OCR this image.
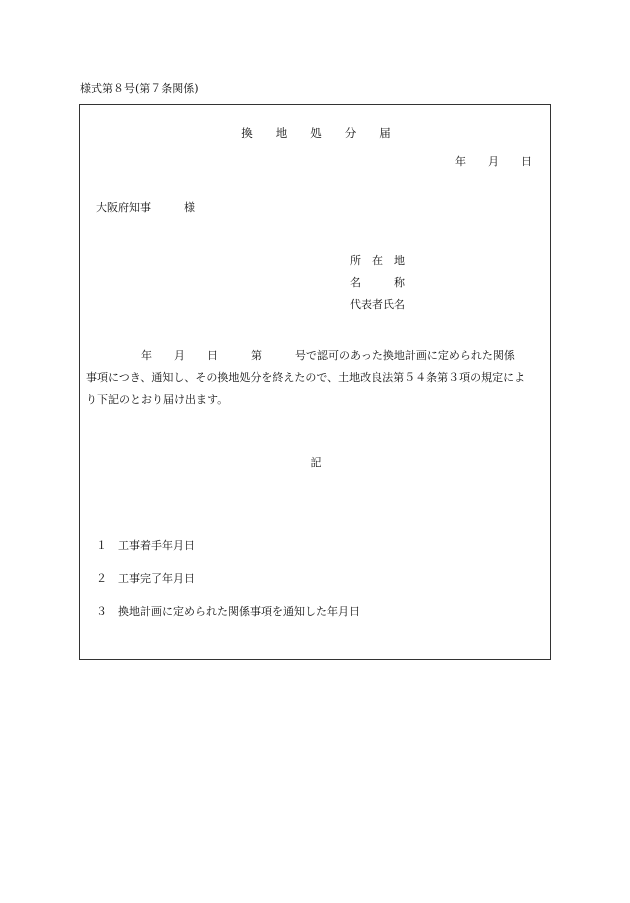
様式第８号(第７条関係)
換　　地　　処　　分　　届
年　　月　　日
大阪府知事　　　様
所　在　地
名　　　称
代表者氏名
　　　　　年　　月　　日　　　第　　　号で認可のあった換地計画に定められた関係
事項につき、通知し、その換地処分を終えたので、土地改良法第５４条第３項の規定によ
り下記のとおり届け出ます。
記
１　工事着手年月日
２　工事完了年月日
３　換地計画に定められた関係事項を通知した年月日
